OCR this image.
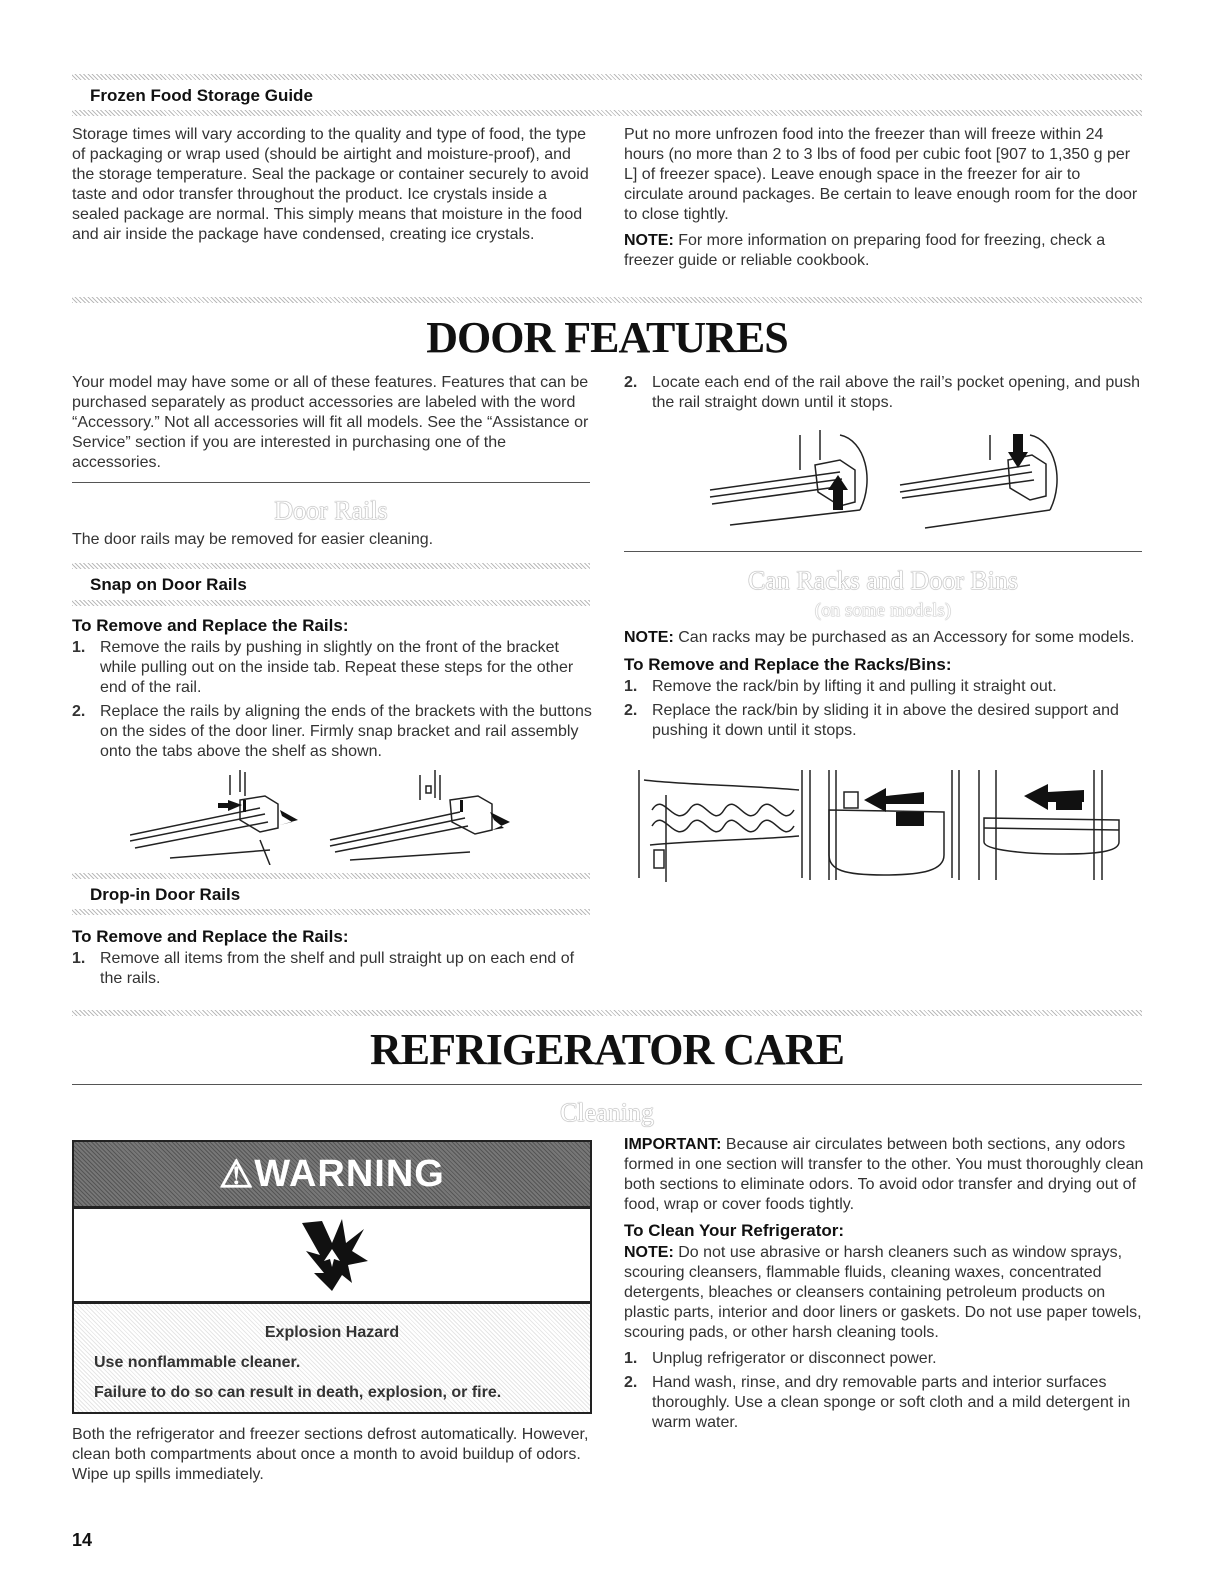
Frozen Food Storage Guide

Storage times will vary according to the quality and type of food, the type of packaging or wrap used (should be airtight and moisture-proof), and the storage temperature. Seal the package or container securely to avoid taste and odor transfer throughout the product. Ice crystals inside a sealed package are normal. This simply means that moisture in the food and air inside the package have condensed, creating ice crystals.

Put no more unfrozen food into the freezer than will freeze within 24 hours (no more than 2 to 3 lbs of food per cubic foot [907 to 1,350 g per L] of freezer space). Leave enough space in the freezer for air to circulate around packages. Be certain to leave enough room for the door to close tightly.

NOTE: For more information on preparing food for freezing, check a freezer guide or reliable cookbook.

DOOR FEATURES

Your model may have some or all of these features. Features that can be purchased separately as product accessories are labeled with the word “Accessory.” Not all accessories will fit all models. See the “Assistance or Service” section if you are interested in purchasing one of the accessories.

Door Rails

The door rails may be removed for easier cleaning.

Snap on Door Rails
To Remove and Replace the Rails:
1. Remove the rails by pushing in slightly on the front of the bracket while pulling out on the inside tab. Repeat these steps for the other end of the rail.
2. Replace the rails by aligning the ends of the brackets with the buttons on the sides of the door liner. Firmly snap bracket and rail assembly onto the tabs above the shelf as shown.
Drop-in Door Rails
To Remove and Replace the Rails:
1. Remove all items from the shelf and pull straight up on each end of the rails.
2. Locate each end of the rail above the rail’s pocket opening, and push the rail straight down until it stops.
Can Racks and Door Bins
(on some models)

NOTE: Can racks may be purchased as an Accessory for some models.

To Remove and Replace the Racks/Bins:
1. Remove the rack/bin by lifting it and pulling it straight out.
2. Replace the rack/bin by sliding it in above the desired support and pushing it down until it stops.
REFRIGERATOR CARE
Cleaning
⚠ WARNING
Explosion Hazard
Use nonflammable cleaner.
Failure to do so can result in death, explosion, or fire.

Both the refrigerator and freezer sections defrost automatically. However, clean both compartments about once a month to avoid buildup of odors. Wipe up spills immediately.

IMPORTANT: Because air circulates between both sections, any odors formed in one section will transfer to the other. You must thoroughly clean both sections to eliminate odors. To avoid odor transfer and drying out of food, wrap or cover foods tightly.

To Clean Your Refrigerator:

NOTE: Do not use abrasive or harsh cleaners such as window sprays, scouring cleansers, flammable fluids, cleaning waxes, concentrated detergents, bleaches or cleansers containing petroleum products on plastic parts, interior and door liners or gaskets. Do not use paper towels, scouring pads, or other harsh cleaning tools.

1. Unplug refrigerator or disconnect power.
2. Hand wash, rinse, and dry removable parts and interior surfaces thoroughly. Use a clean sponge or soft cloth and a mild detergent in warm water.
14
